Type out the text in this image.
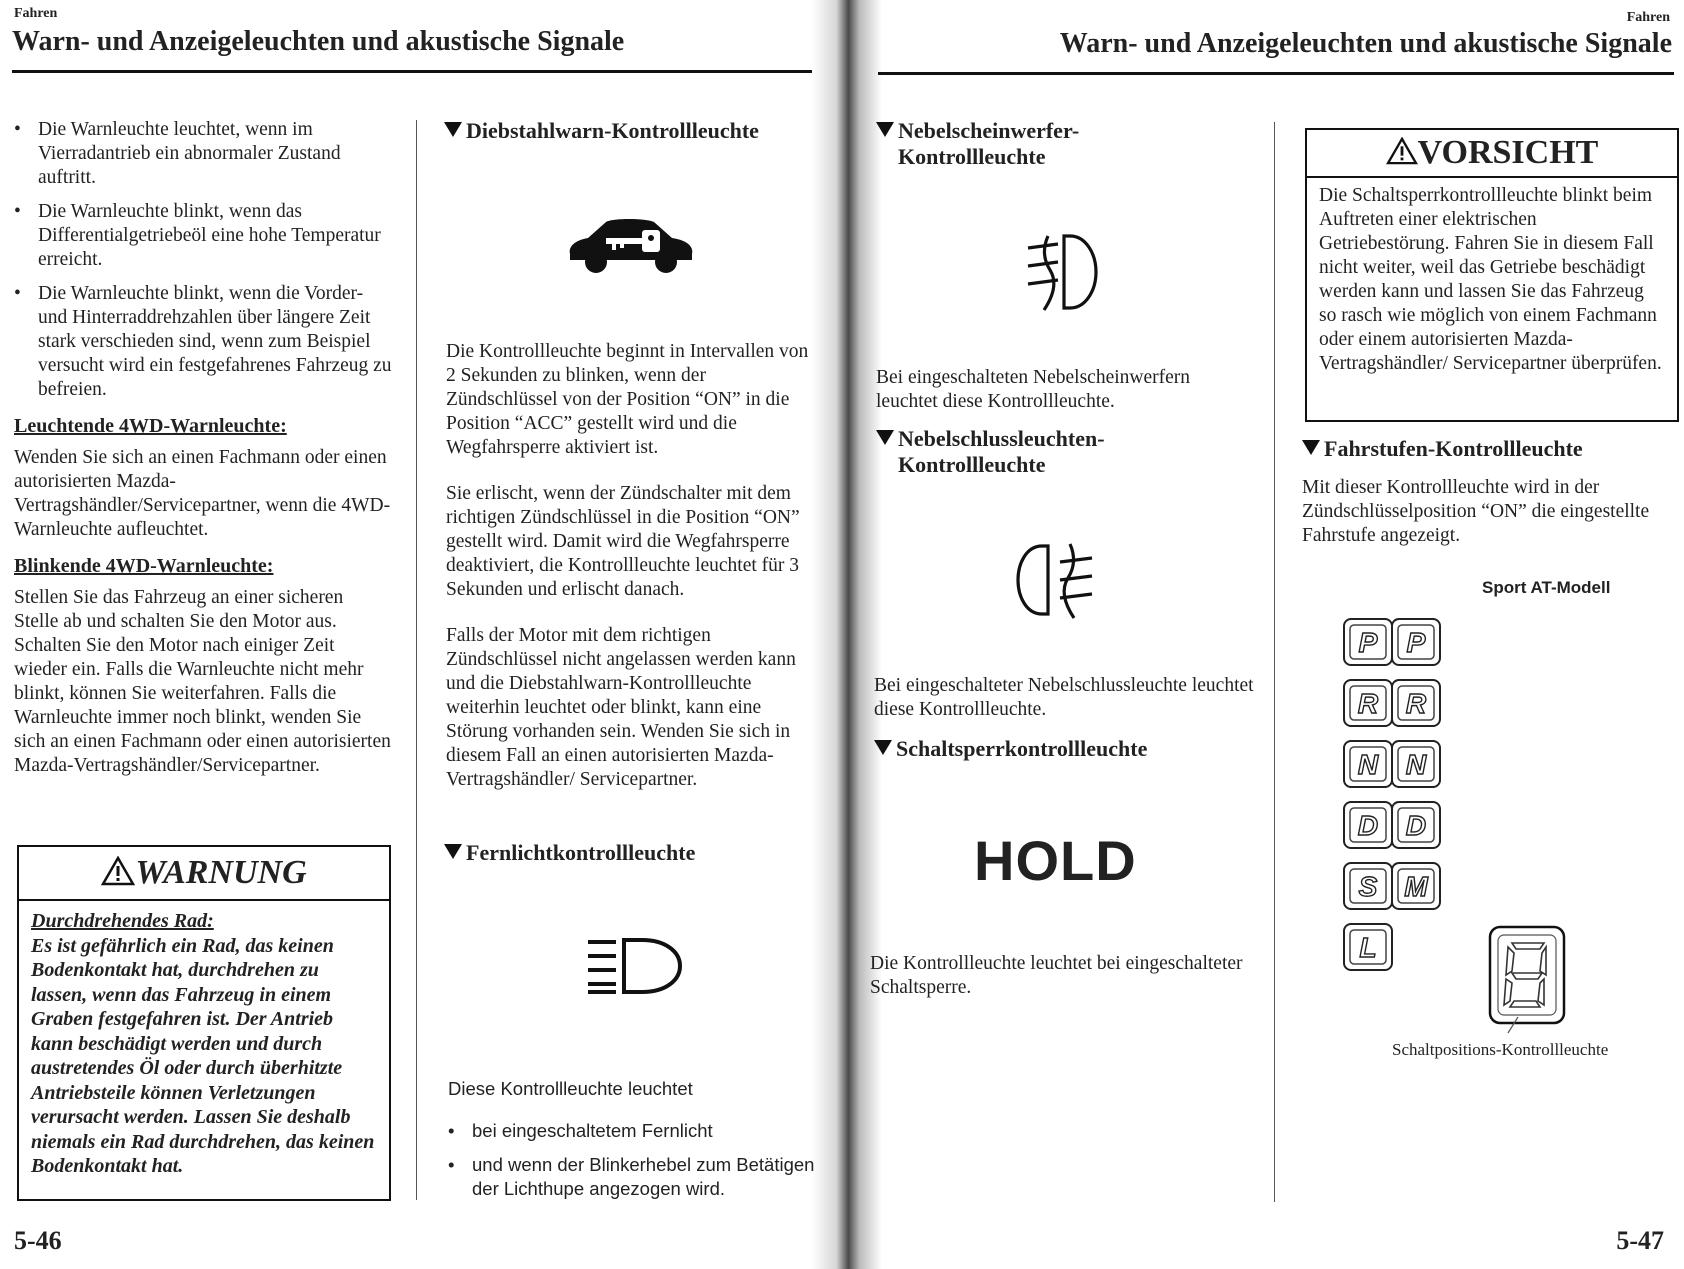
Fahren
Warn- und Anzeigeleuchten und akustische Signale
• Die Warnleuchte leuchtet, wenn im Vierradantrieb ein abnormaler Zustand auftritt.
• Die Warnleuchte blinkt, wenn das Differentialgetriebeöl eine hohe Temperatur erreicht.
• Die Warnleuchte blinkt, wenn die Vorder- und Hinterraddrehzahlen über längere Zeit stark verschieden sind, wenn zum Beispiel versucht wird ein festgefahrenes Fahrzeug zu befreien.
Leuchtende 4WD-Warnleuchte:

Wenden Sie sich an einen Fachmann oder einen autorisierten Mazda-Vertragshändler/Servicepartner, wenn die 4WD-Warnleuchte aufleuchtet.

Blinkende 4WD-Warnleuchte:

Stellen Sie das Fahrzeug an einer sicheren Stelle ab und schalten Sie den Motor aus. Schalten Sie den Motor nach einiger Zeit wieder ein. Falls die Warnleuchte nicht mehr blinkt, können Sie weiterfahren. Falls die Warnleuchte immer noch blinkt, wenden Sie sich an einen Fachmann oder einen autorisierten Mazda-Vertragshändler/Servicepartner.

WARNUNG
Durchdrehendes Rad:
Es ist gefährlich ein Rad, das keinen Bodenkontakt hat, durchdrehen zu lassen, wenn das Fahrzeug in einem Graben festgefahren ist. Der Antrieb kann beschädigt werden und durch austretendes Öl oder durch überhitzte Antriebsteile können Verletzungen verursacht werden. Lassen Sie deshalb niemals ein Rad durchdrehen, das keinen Bodenkontakt hat.
Diebstahlwarn-Kontrollleuchte

Die Kontrollleuchte beginnt in Intervallen von 2 Sekunden zu blinken, wenn der Zündschlüssel von der Position “ON” in die Position “ACC” gestellt wird und die Wegfahrsperre aktiviert ist.

Sie erlischt, wenn der Zündschalter mit dem richtigen Zündschlüssel in die Position “ON” gestellt wird. Damit wird die Wegfahrsperre deaktiviert, die Kontrollleuchte leuchtet für 3 Sekunden und erlischt danach.

Falls der Motor mit dem richtigen Zündschlüssel nicht angelassen werden kann und die Diebstahlwarn-Kontrollleuchte weiterhin leuchtet oder blinkt, kann eine Störung vorhanden sein. Wenden Sie sich in diesem Fall an einen autorisierten Mazda-Vertragshändler/ Servicepartner.

Fernlichtkontrollleuchte

Diese Kontrollleuchte leuchtet

• bei eingeschaltetem Fernlicht
• und wenn der Blinkerhebel zum Betätigen der Lichthupe angezogen wird.
5-46
Fahren
Warn- und Anzeigeleuchten und akustische Signale
Nebelscheinwerfer-
Kontrollleuchte
Bei eingeschalteten Nebelscheinwerfern leuchtet diese Kontrollleuchte.
Nebelschlussleuchten-
Kontrollleuchte
Bei eingeschalteter Nebelschlussleuchte leuchtet diese Kontrollleuchte.
Schaltsperrkontrollleuchte
HOLD
Die Kontrollleuchte leuchtet bei eingeschalteter Schaltsperre.
VORSICHT
Die Schaltsperrkontrollleuchte blinkt beim Auftreten einer elektrischen Getriebestörung. Fahren Sie in diesem Fall nicht weiter, weil das Getriebe beschädigt werden kann und lassen Sie das Fahrzeug so rasch wie möglich von einem Fachmann oder einem autorisierten Mazda-Vertragshändler/ Servicepartner überprüfen.
Fahrstufen-Kontrollleuchte
Mit dieser Kontrollleuchte wird in der Zündschlüsselposition “ON” die eingestellte Fahrstufe angezeigt.
Sport AT-Modell
P
R
N
D
S
L
P
R
N
D
M
Schaltpositions-Kontrollleuchte
5-47
